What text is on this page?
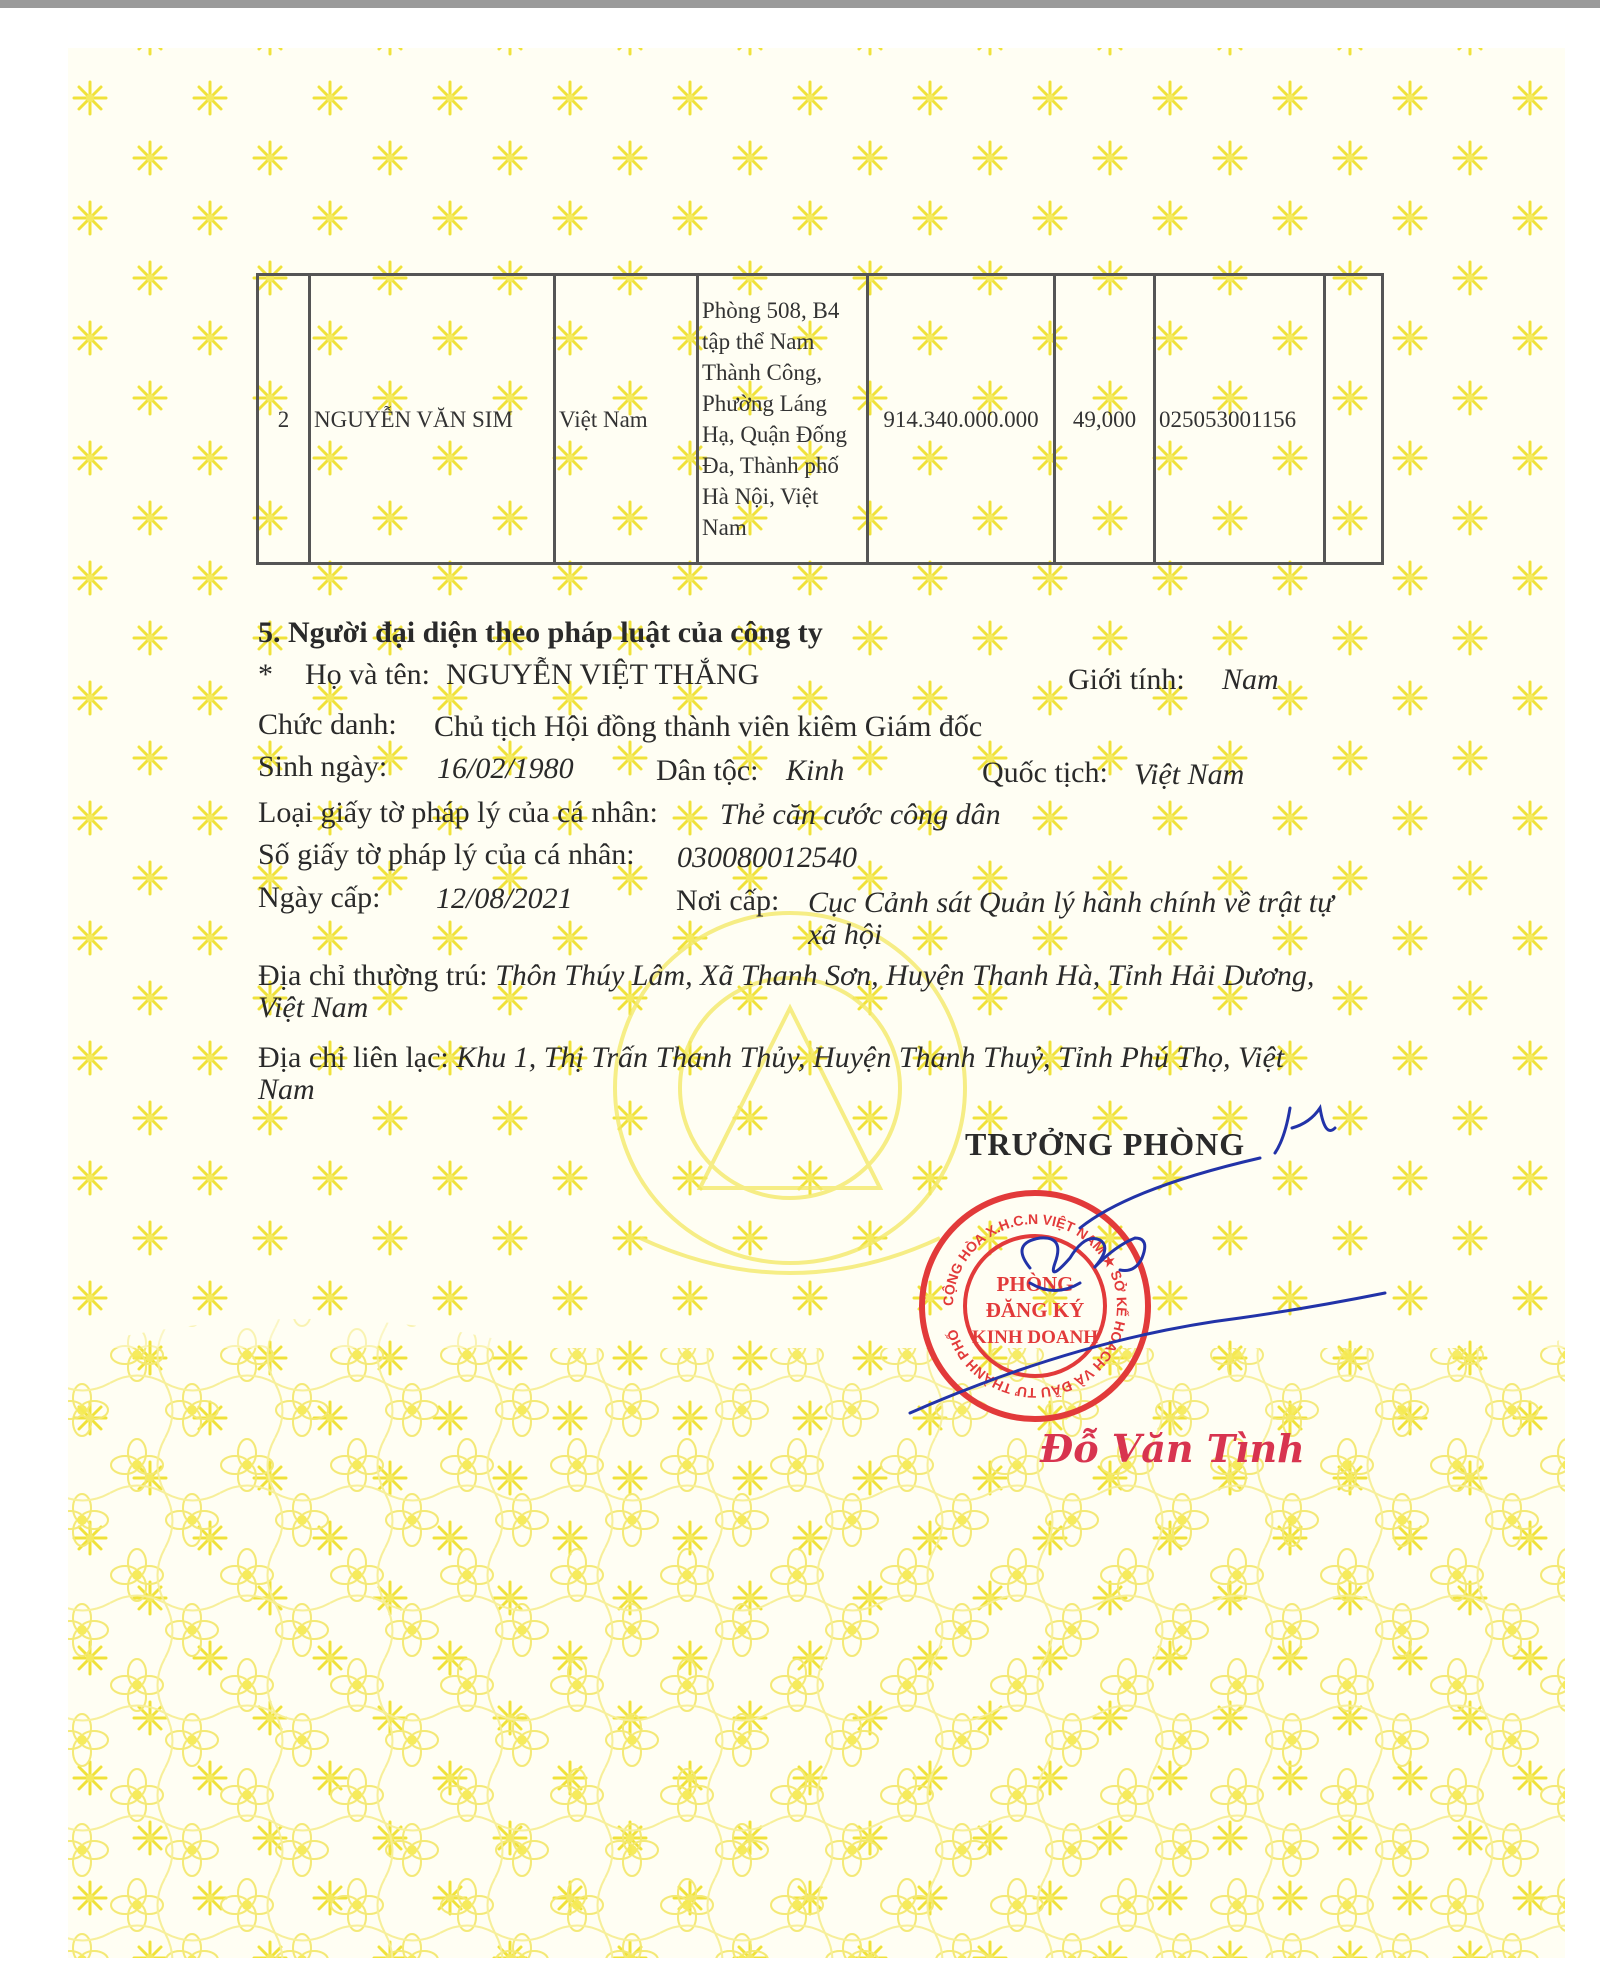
2	NGUYỄN VĂN SIM	Việt Nam	Phòng 508, B4 tập thể Nam Thành Công, Phường Láng Hạ, Quận Đống Đa, Thành phố Hà Nội, Việt Nam	914.340.000.000	49,000	025053001156	
5. Người đại diện theo pháp luật của công ty
* Họ và tên: NGUYỄN VIỆT THẮNG	Giới tính: Nam
Chức danh: Chủ tịch Hội đồng thành viên kiêm Giám đốc
Sinh ngày: 16/02/1980	Dân tộc: Kinh	Quốc tịch: Việt Nam
Loại giấy tờ pháp lý của cá nhân: Thẻ căn cước công dân
Số giấy tờ pháp lý của cá nhân: 030080012540
Ngày cấp: 12/08/2021	Nơi cấp: Cục Cảnh sát Quản lý hành chính về trật tự xã hội
Địa chỉ thường trú: Thôn Thúy Lâm, Xã Thanh Sơn, Huyện Thanh Hà, Tỉnh Hải Dương, Việt Nam
Địa chỉ liên lạc: Khu 1, Thị Trấn Thanh Thủy, Huyện Thanh Thuỷ, Tỉnh Phú Thọ, Việt Nam
TRƯỞNG PHÒNG
CỘNG HÒA X.H.C.N VIỆT NAM ★ SỞ KẾ HOẠCH VÀ ĐẦU TƯ THÀNH PHỐ
PHÒNG
ĐĂNG KÝ
KINH DOANH
Đỗ Văn Tình
